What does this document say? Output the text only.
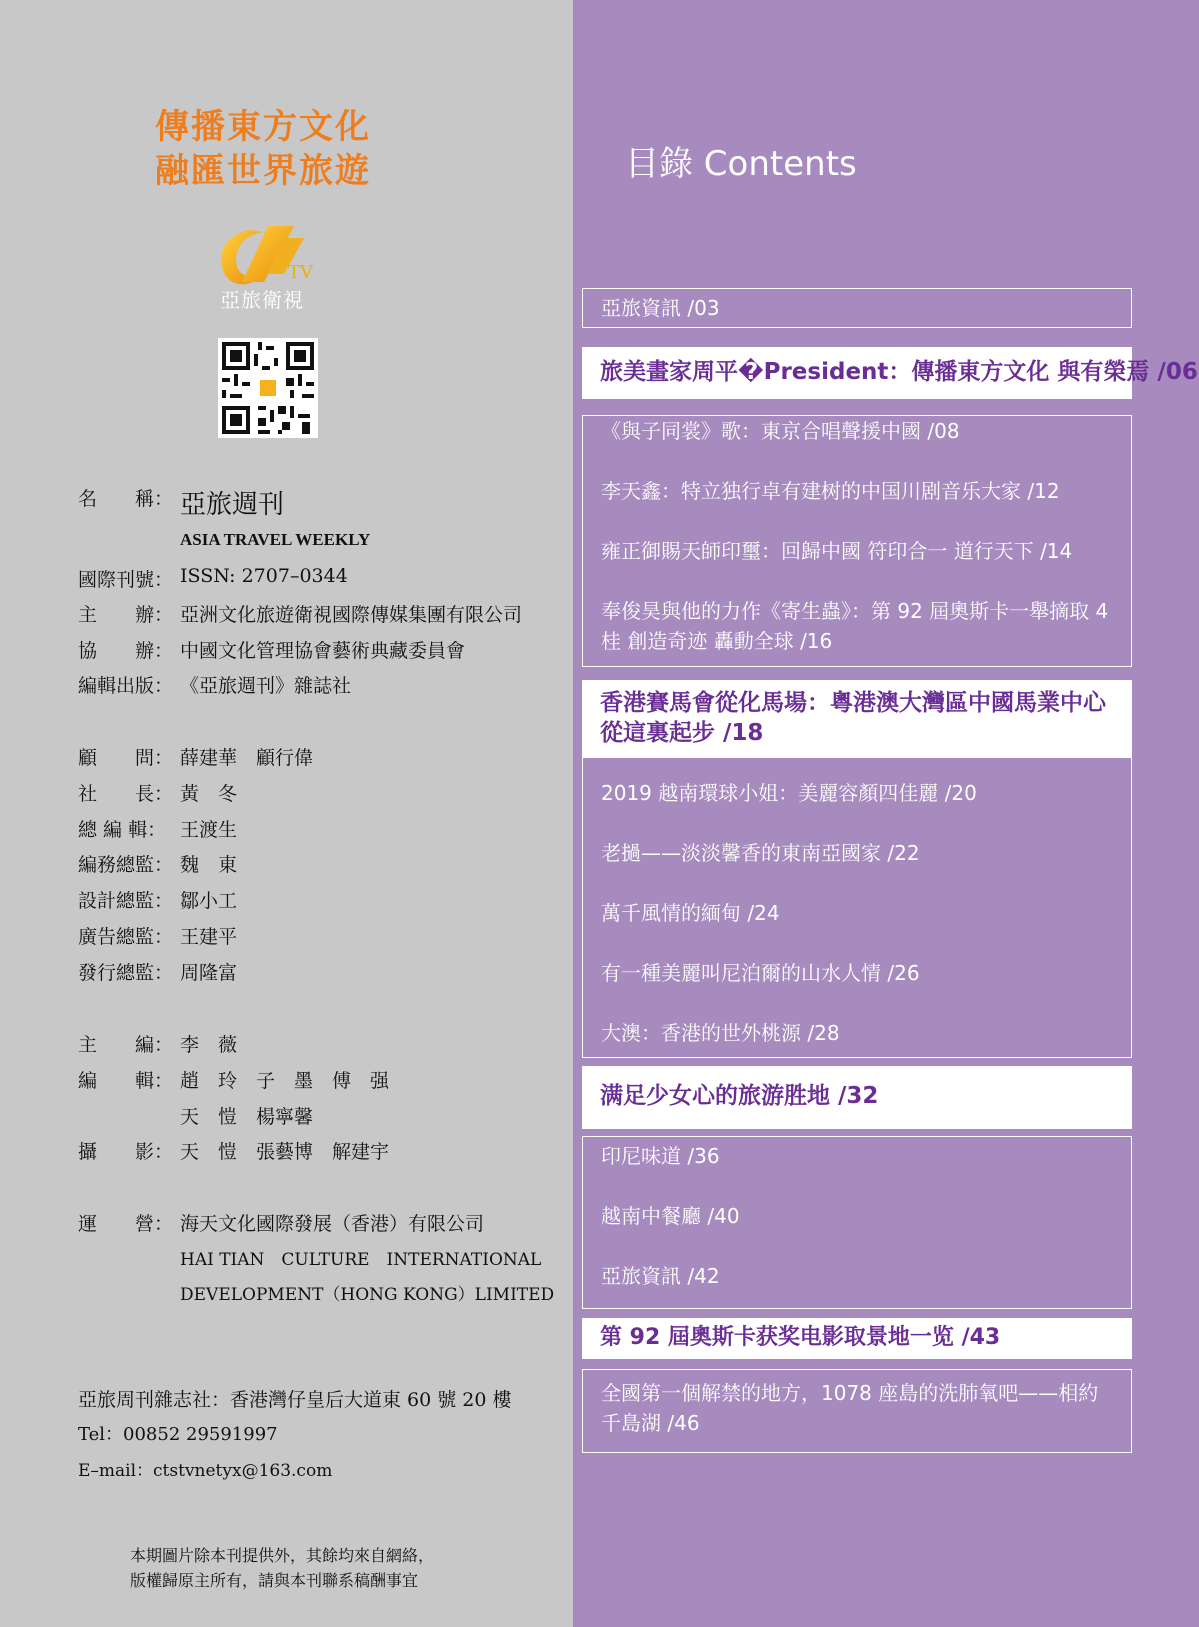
傳播東方文化
融匯世界旅遊
TV
亞旅衛視
名　　稱： 亞旅週刊
ASIA TRAVEL WEEKLY
國際刊號： ISSN: 2707–0344
主　　辦： 亞洲文化旅遊衛視國際傳媒集團有限公司
協　　辦： 中國文化管理協會藝術典藏委員會
編輯出版： 《亞旅週刊》雜誌社
顧　　問： 薛建華　顧行偉
社　　長： 黃　冬
總 編 輯： 王渡生
編務總監： 魏　東
設計總監： 鄒小工
廣告總監： 王建平
發行總監： 周隆富
主　　編： 李　薇
編　　輯： 趙　玲　子　墨　傅　强
天　愷　楊寧馨
攝　　影： 天　愷　張藝博　解建宇
運　　營： 海天文化國際發展（香港）有限公司
HAI TIAN　CULTURE　INTERNATIONAL
DEVELOPMENT（HONG KONG）LIMITED
亞旅周刊雜志社：香港灣仔皇后大道東 60 號 20 樓
Tel：00852 29591997
E–mail：ctstvnetyx@163.com
本期圖片除本刊提供外，其餘均來自網絡，
版權歸原主所有，請與本刊聯系稿酬事宜
目錄 Contents
亞旅資訊 /03
旅美畫家周平�President：傳播東方文化 與有榮焉 /06
《與子同裳》歌：東京合唱聲援中國 /08
李天鑫：特立独行卓有建树的中国川剧音乐大家 /12
雍正御賜天師印璽：回歸中國 符印合一 道行天下 /14
奉俊昊與他的力作《寄生蟲》：第 92 屆奧斯卡一舉摘取 4 桂 創造奇迹 轟動全球 /16
香港賽馬會從化馬場：粵港澳大灣區中國馬業中心從這裏起步 /18
2019 越南環球小姐：美麗容顏四佳麗 /20
老撾——淡淡馨香的東南亞國家 /22
萬千風情的緬甸 /24
有一種美麗叫尼泊爾的山水人情 /26
大澳：香港的世外桃源 /28
满足少女心的旅游胜地 /32
印尼味道 /36
越南中餐廳 /40
亞旅資訊 /42
第 92 屆奧斯卡获奖电影取景地一览 /43
全國第一個解禁的地方，1078 座島的洗肺氧吧——相約千島湖 /46
